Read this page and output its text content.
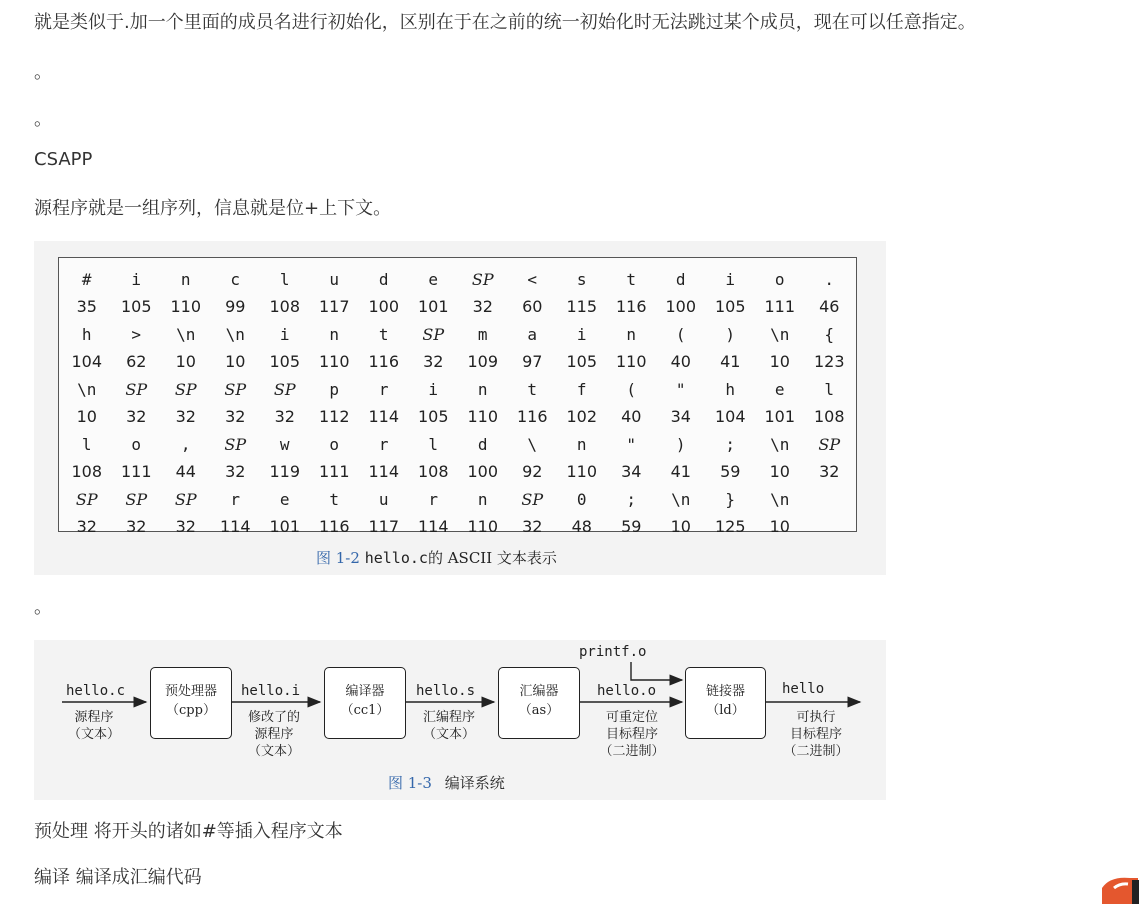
就是类似于.加一个里面的成员名进行初始化，区别在于在之前的统一初始化时无法跳过某个成员，现在可以任意指定。

。

。

CSAPP

源程序就是一组序列，信息就是位+上下文。

#	i	n	c	l	u	d	e	SP	<	s	t	d	i	o	.
35	105	110	99	108	117	100	101	32	60	115	116	100	105	111	46
h	>	\n	\n	i	n	t	SP	m	a	i	n	(	)	\n	{
104	62	10	10	105	110	116	32	109	97	105	110	40	41	10	123
\n	SP	SP	SP	SP	p	r	i	n	t	f	(	"	h	e	l
10	32	32	32	32	112	114	105	110	116	102	40	34	104	101	108
l	o	,	SP	w	o	r	l	d	\	n	"	)	;	\n	SP
108	111	44	32	119	111	114	108	100	92	110	34	41	59	10	32
SP	SP	SP	r	e	t	u	r	n	SP	0	;	\n	}	\n
32	32	32	114	101	116	117	114	110	32	48	59	10	125	10
图 1-2 hello.c的 ASCII 文本表示

。

printf.o
hello.c
源程序
（文本）
预处理器
（cpp）
hello.i
修改了的
源程序
（文本）
编译器
（cc1）
hello.s
汇编程序
（文本）
汇编器
（as）
hello.o
可重定位
目标程序
（二进制）
链接器
（ld）
hello
可执行
目标程序
（二进制）
图 1-3 编译系统

预处理 将开头的诸如#等插入程序文本

编译 编译成汇编代码
